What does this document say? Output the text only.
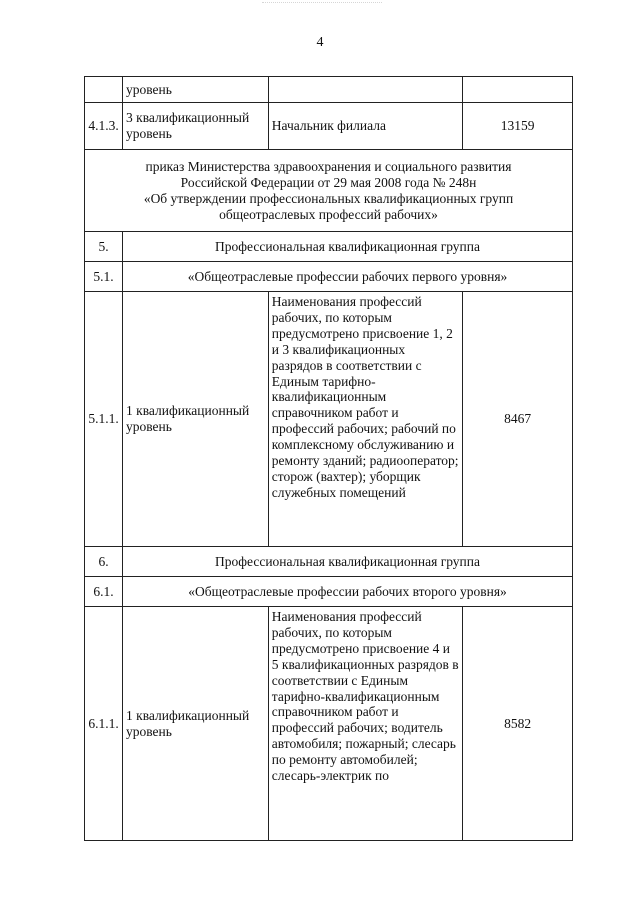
4
	уровень		
4.1.3.	3 квалификационный уровень	Начальник филиала	13159
приказ Министерства здравоохранения и социального развития
Российской Федерации от 29 мая 2008 года № 248н
«Об утверждении профессиональных квалификационных групп
общеотраслевых профессий рабочих»			
5.	Профессиональная квалификационная группа		
5.1.	«Общеотраслевые профессии рабочих первого уровня»		
5.1.1.	1 квалификационный уровень	Наименования профессий рабочих, по которым предусмотрено присвоение 1, 2 и 3 квалификационных разрядов в соответствии с Единым тарифно-квалификационным справочником работ и профессий рабочих; рабочий по комплексному обслуживанию и ремонту зданий; радиооператор; сторож (вахтер); уборщик служебных помещений	8467
6.	Профессиональная квалификационная группа		
6.1.	«Общеотраслевые профессии рабочих второго уровня»		
6.1.1.	1 квалификационный уровень	Наименования профессий рабочих, по которым предусмотрено присвоение 4 и 5 квалификационных разрядов в соответствии с Единым тарифно-квалификационным справочником работ и профессий рабочих; водитель автомобиля; пожарный; слесарь по ремонту автомобилей; слесарь-электрик по	8582
